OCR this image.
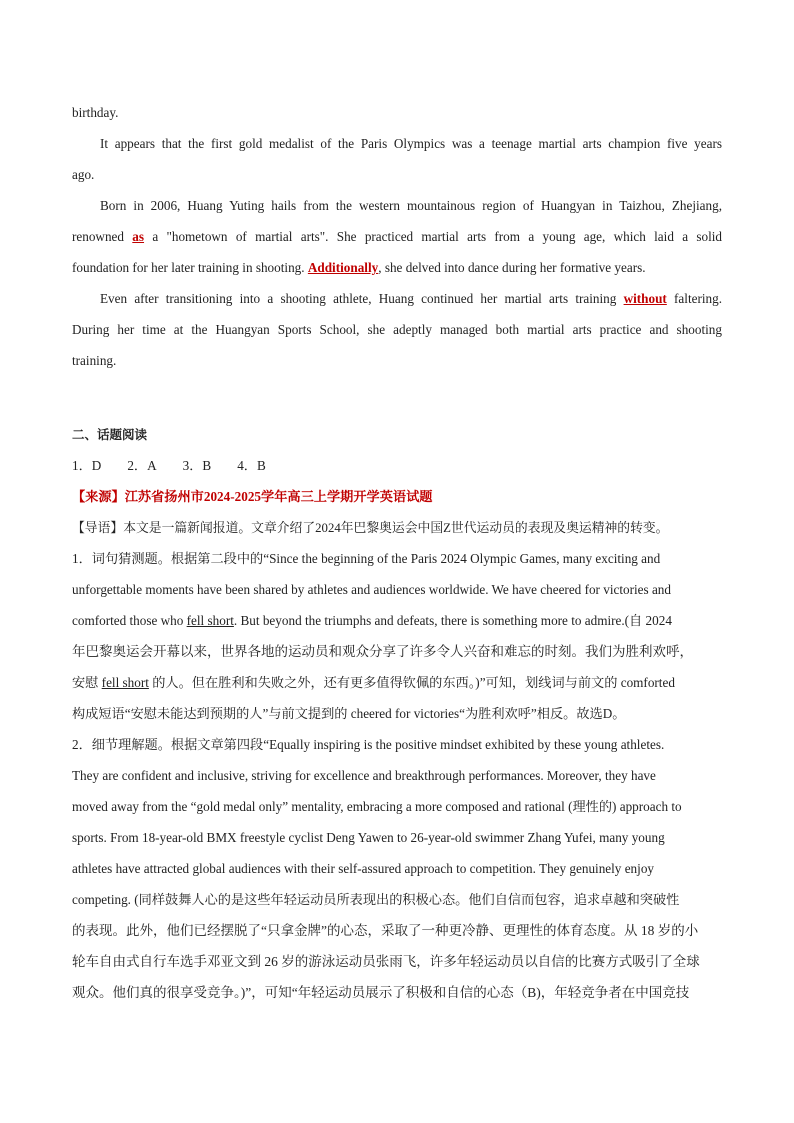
birthday.
It appears that the first gold medalist of the Paris Olympics was a teenage martial arts champion five years
ago.
Born in 2006, Huang Yuting hails from the western mountainous region of Huangyan in Taizhou, Zhejiang,
renowned as a "hometown of martial arts". She practiced martial arts from a young age, which laid a solid
foundation for her later training in shooting. Additionally, she delved into dance during her formative years.
Even after transitioning into a shooting athlete, Huang continued her martial arts training without faltering.
During her time at the Huangyan Sports School, she adeptly managed both martial arts practice and shooting
training.
二、话题阅读
1．D 2．A 3．B 4．B
【来源】江苏省扬州市2024-2025学年高三上学期开学英语试题
【导语】本文是一篇新闻报道。文章介绍了2024年巴黎奥运会中国Z世代运动员的表现及奥运精神的转变。
1．词句猜测题。根据第二段中的“Since the beginning of the Paris 2024 Olympic Games, many exciting and
unforgettable moments have been shared by athletes and audiences worldwide. We have cheered for victories and
comforted those who fell short. But beyond the triumphs and defeats, there is something more to admire.(自 2024
年巴黎奥运会开幕以来，世界各地的运动员和观众分享了许多令人兴奋和难忘的时刻。我们为胜利欢呼，
安慰 fell short 的人。但在胜利和失败之外，还有更多值得钦佩的东西。)”可知，划线词与前文的 comforted
构成短语“安慰未能达到预期的人”与前文提到的 cheered for victories“为胜利欢呼”相反。故选D。
2．细节理解题。根据文章第四段“Equally inspiring is the positive mindset exhibited by these young athletes.
They are confident and inclusive, striving for excellence and breakthrough performances. Moreover, they have
moved away from the “gold medal only” mentality, embracing a more composed and rational (理性的) approach to
sports. From 18-year-old BMX freestyle cyclist Deng Yawen to 26-year-old swimmer Zhang Yufei, many young
athletes have attracted global audiences with their self-assured approach to competition. They genuinely enjoy
competing. (同样鼓舞人心的是这些年轻运动员所表现出的积极心态。他们自信而包容，追求卓越和突破性
的表现。此外，他们已经摆脱了“只拿金牌”的心态，采取了一种更冷静、更理性的体育态度。从 18 岁的小
轮车自由式自行车选手邓亚文到 26 岁的游泳运动员张雨飞，许多年轻运动员以自信的比赛方式吸引了全球
观众。他们真的很享受竞争。)”，可知“年轻运动员展示了积极和自信的心态（B)，年轻竞争者在中国竞技
